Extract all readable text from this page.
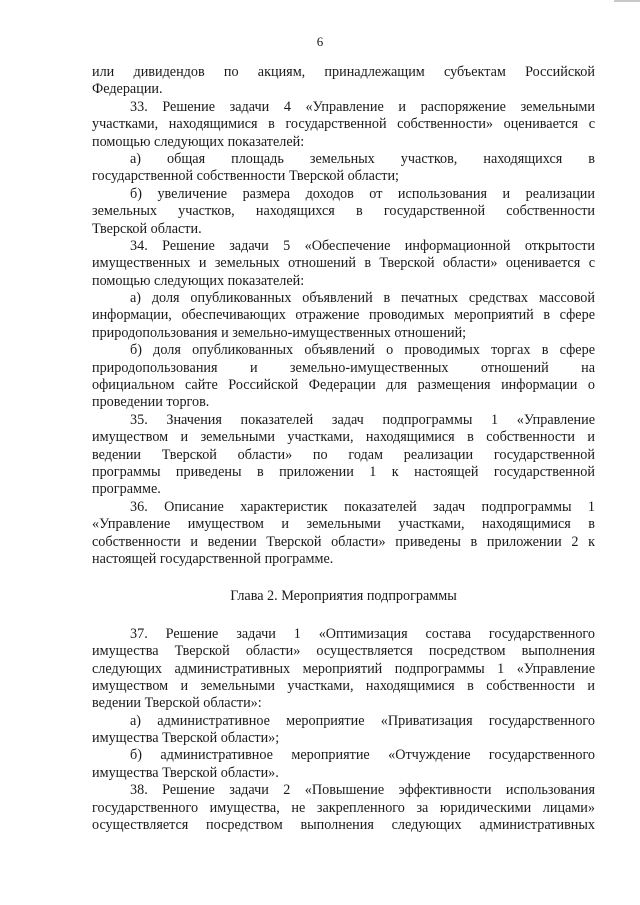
6
или дивидендов по акциям, принадлежащим субъектам Российской
Федерации.
33. Решение задачи 4 «Управление и распоряжение земельными
участками, находящимися в государственной собственности» оценивается с
помощью следующих показателей:
а) общая площадь земельных участков, находящихся в
государственной собственности Тверской области;
б) увеличение размера доходов от использования и реализации
земельных участков, находящихся в государственной собственности
Тверской области.
34. Решение задачи 5 «Обеспечение информационной открытости
имущественных и земельных отношений в Тверской области» оценивается с
помощью следующих показателей:
а) доля опубликованных объявлений в печатных средствах массовой
информации, обеспечивающих отражение проводимых мероприятий в сфере
природопользования и земельно-имущественных отношений;
б) доля опубликованных объявлений о проводимых торгах в сфере
природопользования и земельно-имущественных отношений на
официальном сайте Российской Федерации для размещения информации о
проведении торгов.
35. Значения показателей задач подпрограммы 1 «Управление
имуществом и земельными участками, находящимися в собственности и
ведении Тверской области» по годам реализации государственной
программы приведены в приложении 1 к настоящей государственной
программе.
36. Описание характеристик показателей задач подпрограммы 1
«Управление имуществом и земельными участками, находящимися в
собственности и ведении Тверской области» приведены в приложении 2 к
настоящей государственной программе.
Глава 2. Мероприятия подпрограммы
37. Решение задачи 1 «Оптимизация состава государственного
имущества Тверской области» осуществляется посредством выполнения
следующих административных мероприятий подпрограммы 1 «Управление
имуществом и земельными участками, находящимися в собственности и
ведении Тверской области»:
а) административное мероприятие «Приватизация государственного
имущества Тверской области»;
б) административное мероприятие «Отчуждение государственного
имущества Тверской области».
38. Решение задачи 2 «Повышение эффективности использования
государственного имущества, не закрепленного за юридическими лицами»
осуществляется посредством выполнения следующих административных
